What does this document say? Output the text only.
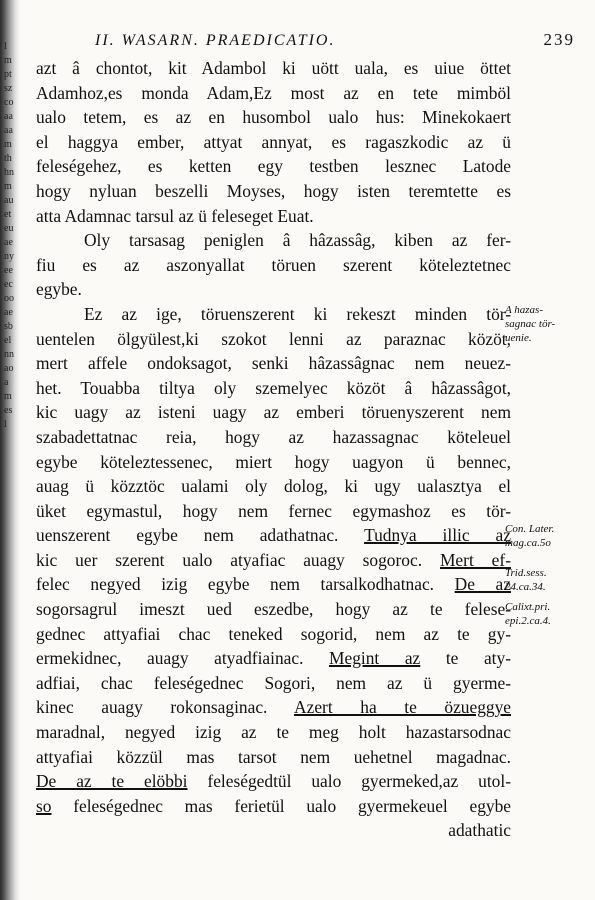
lmptszcoaaaamthhnmaueteuaenyeeecooaesbelnnaoamesl
II. WASARN. PRAEDICATIO.	239
azt â chontot, kit Adambol ki uött uala, es uiue öttet
Adamhoz,es monda Adam,Ez most az en tete mimböl
ualo tetem, es az en husombol ualo hus: Minekokaert
el haggya ember, attyat annyat, es ragaszkodic az ü
feleségehez, es ketten egy testben lesznec Latode
hogy nyluan beszelli Moyses, hogy isten teremtette es
atta Adamnac tarsul az ü feleseget Euat.
Oly tarsasag peniglen â hâzassâg, kiben az fer-
fiu es az aszonyallat töruen szerent köteleztetnec
egybe.
Ez az ige, töruenszerent ki rekeszt minden tör-
uentelen ölgyülest,ki szokot lenni az paraznac közöt,
mert affele ondoksagot, senki hâzassâgnac nem neuez-
het. Touabba tiltya oly szemelyec közöt â hâzassâgot,
kic uagy az isteni uagy az emberi töruenyszerent nem
szabadettatnac reia, hogy az hazassagnac köteleuel
egybe köteleztessenec, miert hogy uagyon ü bennec,
auag ü közztöc ualami oly dolog, ki ugy ualasztya el
üket egymastul, hogy nem fernec egymashoz es tör-
uenszerent egybe nem adathatnac. Tudnya illic az
kic uer szerent ualo atyafiac auagy sogoroc. Mert ef-
felec negyed izig egybe nem tarsalkodhatnac. De az
sogorsagrul imeszt ued eszedbe, hogy az te felese-
gednec attyafiai chac teneked sogorid, nem az te gy-
ermekidnec, auagy atyadfiainac. Megint az te aty-
adfiai, chac feleségednec Sogori, nem az ü gyerme-
kinec auagy rokonsaginac. Azert ha te özueggye
maradnal, negyed izig az te meg holt hazastarsodnac
attyafiai közzül mas tarsot nem uehetnel magadnac.
De az te elöbbi feleségedtül ualo gyermeked,az utol-
so feleségednec mas ferietül ualo gyermekeuel egybe
adathatic
A hazas-
sagnac tör-
uenie.
Con. Later.
mag.ca.5o
Trid.sess.
24.ca.34.
Calixt.pri.
epi.2.ca.4.
